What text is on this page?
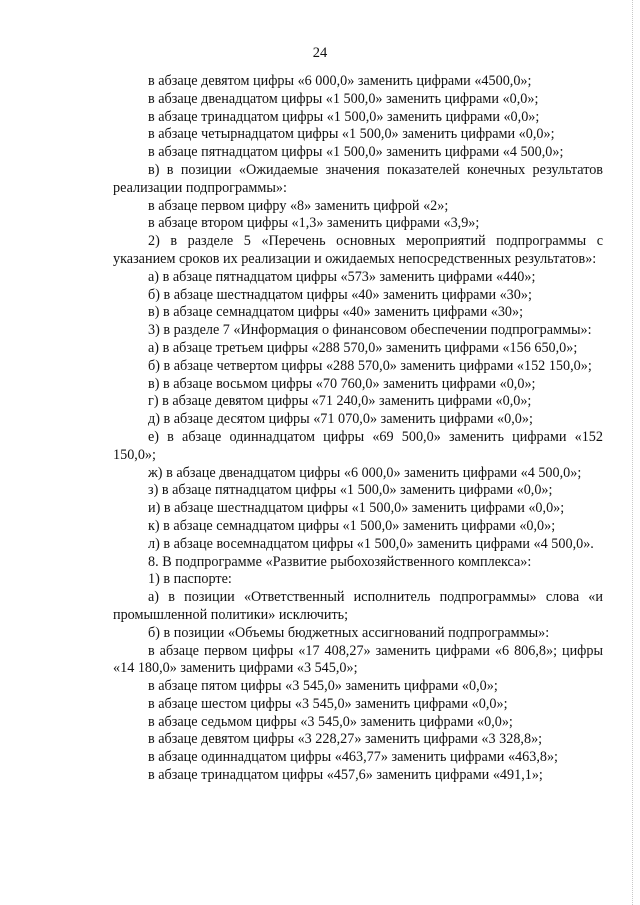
24

в абзаце девятом цифры «6 000,0» заменить цифрами «4500,0»;

в абзаце двенадцатом цифры «1 500,0» заменить цифрами «0,0»;

в абзаце тринадцатом цифры «1 500,0» заменить цифрами «0,0»;

в абзаце четырнадцатом цифры «1 500,0» заменить цифрами «0,0»;

в абзаце пятнадцатом цифры «1 500,0» заменить цифрами «4 500,0»;

в) в позиции «Ожидаемые значения показателей конечных результатов реализации подпрограммы»:

в абзаце первом цифру «8» заменить цифрой «2»;

в абзаце втором цифры «1,3» заменить цифрами «3,9»;

2) в разделе 5 «Перечень основных мероприятий подпрограммы с указанием сроков их реализации и ожидаемых непосредственных результатов»:

а) в абзаце пятнадцатом цифры «573» заменить цифрами «440»;

б) в абзаце шестнадцатом цифры «40» заменить цифрами «30»;

в) в абзаце семнадцатом цифры «40» заменить цифрами «30»;

3) в разделе 7 «Информация о финансовом обеспечении подпрограммы»:

а) в абзаце третьем цифры «288 570,0» заменить цифрами «156 650,0»;

б) в абзаце четвертом цифры «288 570,0» заменить цифрами «152 150,0»;

в) в абзаце восьмом цифры «70 760,0» заменить цифрами «0,0»;

г) в абзаце девятом цифры «71 240,0» заменить цифрами «0,0»;

д) в абзаце десятом цифры «71 070,0» заменить цифрами «0,0»;

е) в абзаце одиннадцатом цифры «69 500,0» заменить цифрами «152 150,0»;

ж) в абзаце двенадцатом цифры «6 000,0» заменить цифрами «4 500,0»;

з) в абзаце пятнадцатом цифры «1 500,0» заменить цифрами «0,0»;

и) в абзаце шестнадцатом цифры «1 500,0» заменить цифрами «0,0»;

к) в абзаце семнадцатом цифры «1 500,0» заменить цифрами «0,0»;

л) в абзаце восемнадцатом цифры «1 500,0» заменить цифрами «4 500,0».

8. В подпрограмме «Развитие рыбохозяйственного комплекса»:

1) в паспорте:

а) в позиции «Ответственный исполнитель подпрограммы» слова «и промышленной политики» исключить;

б) в позиции «Объемы бюджетных ассигнований подпрограммы»:

в абзаце первом цифры «17 408,27» заменить цифрами «6 806,8»; цифры «14 180,0» заменить цифрами «3 545,0»;

в абзаце пятом цифры «3 545,0» заменить цифрами «0,0»;

в абзаце шестом цифры «3 545,0» заменить цифрами «0,0»;

в абзаце седьмом цифры «3 545,0» заменить цифрами «0,0»;

в абзаце девятом цифры «3 228,27» заменить цифрами «3 328,8»;

в абзаце одиннадцатом цифры «463,77» заменить цифрами «463,8»;

в абзаце тринадцатом цифры «457,6» заменить цифрами «491,1»;
